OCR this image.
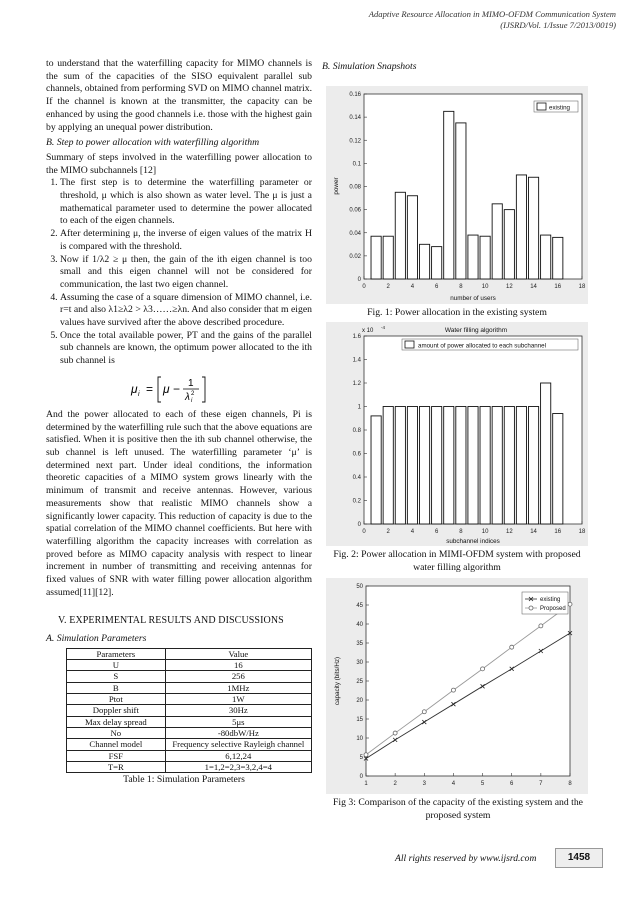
Adaptive Resource Allocation in MIMO-OFDM Communication System
(IJSRD/Vol. 1/Issue 7/2013/0019)

to understand that the waterfilling capacity for MIMO channels is the sum of the capacities of the SISO equivalent parallel sub channels, obtained from performing SVD on MIMO channel matrix. If the channel is known at the transmitter, the capacity can be enhanced by using the good channels i.e. those with the highest gain by applying an unequal power distribution.

B. Step to power allocation with waterfilling algorithm

Summary of steps involved in the waterfilling power allocation to the MIMO subchannels [12]

1. The first step is to determine the waterfilling parameter or threshold, μ which is also shown as water level. The μ is just a mathematical parameter used to determine the power allocated to each of the eigen channels.
2. After determining μ, the inverse of eigen values of the matrix H is compared with the threshold.
3. Now if 1/λ2 ≥ μ then, the gain of the ith eigen channel is too small and this eigen channel will not be considered for communication, the last two eigen channel.
4. Assuming the case of a square dimension of MIMO channel, i.e. r=t and also λ1≥λ2 > λ3……≥λn. And also consider that m eigen values have survived after the above described procedure.
5. Once the total available power, PT and the gains of the parallel sub channels are known, the optimum power allocated to the ith sub channel is
μ i = μ − 1
λ i
2

And the power allocated to each of these eigen channels, Pi is determined by the waterfilling rule such that the above equations are satisfied. When it is positive then the ith sub channel otherwise, the sub channel is left unused. The waterfilling parameter ‘μ’ is determined next part. Under ideal conditions, the information theoretic capacities of a MIMO system grows linearly with the minimum of transmit and receive antennas. However, various measurements show that realistic MIMO channels show a significantly lower capacity. This reduction of capacity is due to the spatial correlation of the MIMO channel coefficients. But here with waterfilling algorithm the capacity increases with correlation as proved before as MIMO capacity analysis with respect to linear increment in number of transmitting and receiving antennas for fixed values of SNR with water filling power allocation algorithm assumed[11][12].

V. EXPERIMENTAL RESULTS AND DISCUSSIONS
A. Simulation Parameters
Parameters	Value
U	16
S	256
B	1MHz
Ptot	1W
Doppler shift	30Hz
Max delay spread	5μs
No	-80dbW/Hz
Channel model	Frequency selective Rayleigh channel
FSF	6,12,24
T=R	1=1,2=2,3=3,2,4=4
Table 1: Simulation Parameters
B. Simulation Snapshots
0	2	4	6	8	10	12	14	16	18
0
0.02
0.04
0.06
0.08
0.1
0.12
0.14
0.16
existing
number of users
power
Fig. 1: Power allocation in the existing system
0	2	4	6	8	10	12	14	16	18
0
0.2
0.4
0.6
0.8
1
1.2
1.4
1.6
x 10
-4	Water filling algorithm
amount of power allocated to each subchannel
subchannel indices
Fig. 2: Power allocation in MIMI-OFDM system with proposed water filling algorithm
1	2	3	4	5	6	7	8
0
5
10
15
20
25
30
35
40
45
50
existing
Proposed
capacity (bits/Hz)
Fig 3: Comparison of the capacity of the existing system and the proposed system
All rights reserved by www.ijsrd.com	1458
